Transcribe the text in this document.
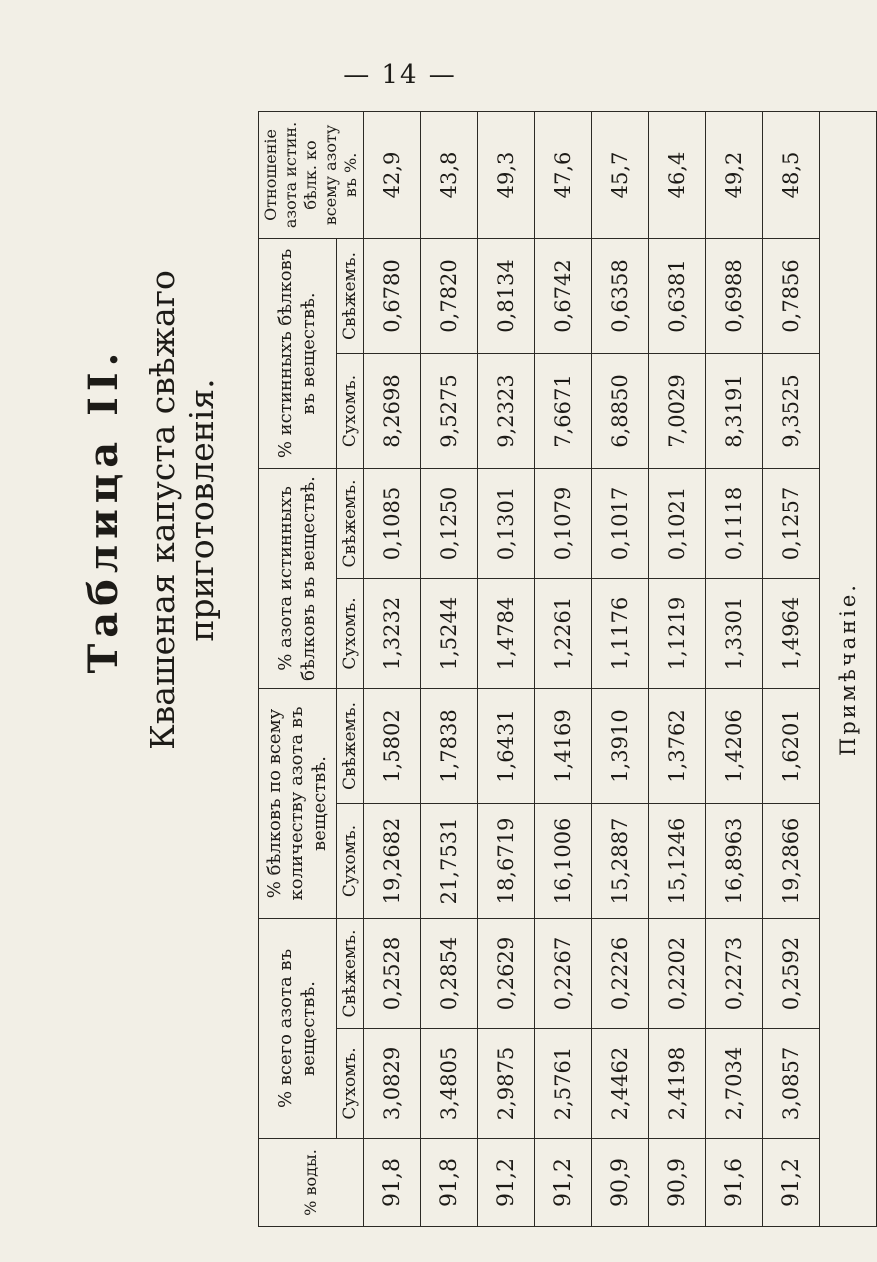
— 14 —
Таблица II. Квашеная капуста свѣжаго приготовленія.
% воды.	% всего азота въ веществѣ.		% бѣлковъ по всему количеству азота въ веществѣ.		% азота истинныхъ бѣлковъ въ веществѣ.		% истинныхъ бѣлковъ въ веществѣ.		Отношеніе азота истин. бѣлк. ко всему азоту въ %.
	Сухомъ.	Свѣжемъ.	Сухомъ.	Свѣжемъ.	Сухомъ.	Свѣжемъ.	Сухомъ.	Свѣжемъ.	
91,8	3,0829	0,2528	19,2682	1,5802	1,3232	0,1085	8,2698	0,6780	42,9
91,8	3,4805	0,2854	21,7531	1,7838	1,5244	0,1250	9,5275	0,7820	43,8
91,2	2,9875	0,2629	18,6719	1,6431	1,4784	0,1301	9,2323	0,8134	49,3
91,2	2,5761	0,2267	16,1006	1,4169	1,2261	0,1079	7,6671	0,6742	47,6
90,9	2,4462	0,2226	15,2887	1,3910	1,1176	0,1017	6,8850	0,6358	45,7
90,9	2,4198	0,2202	15,1246	1,3762	1,1219	0,1021	7,0029	0,6381	46,4
91,6	2,7034	0,2273	16,8963	1,4206	1,3301	0,1118	8,3191	0,6988	49,2
91,2	3,0857	0,2592	19,2866	1,6201	1,4964	0,1257	9,3525	0,7856	48,5
Примѣчаніе.									
